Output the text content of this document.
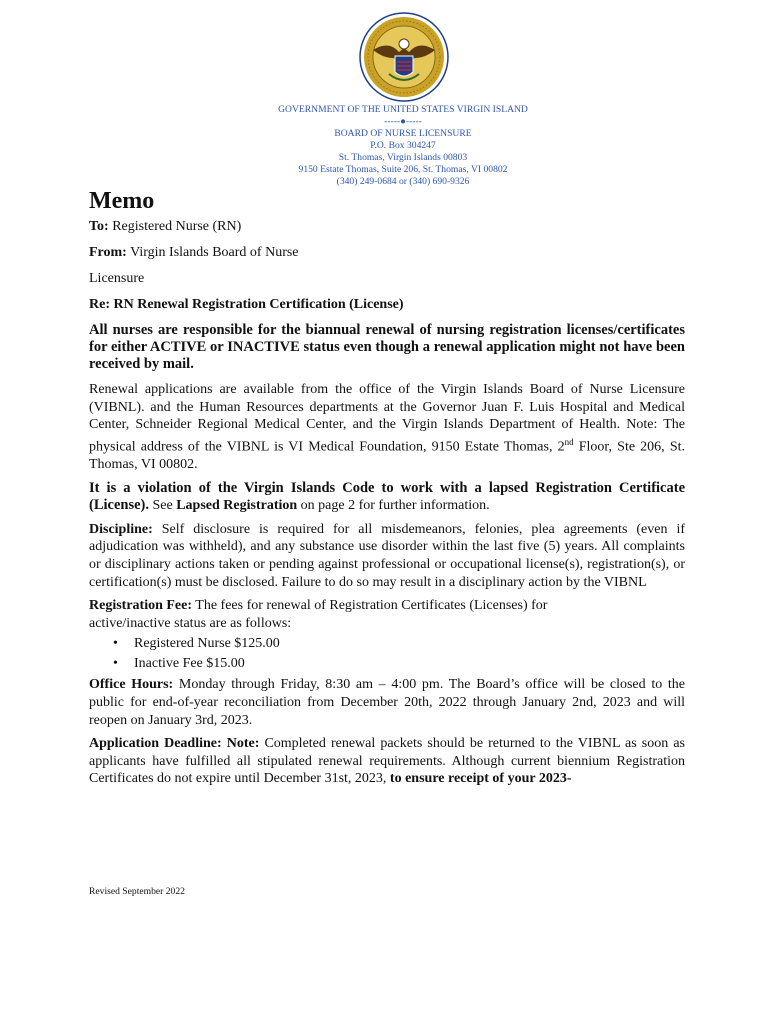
GOVERNMENT OF THE UNITED STATES VIRGIN ISLAND
-----●-----
BOARD OF NURSE LICENSURE
P.O. Box 304247
St. Thomas, Virgin Islands 00803
9150 Estate Thomas, Suite 206, St. Thomas, VI 00802
(340) 249-0684 or (340) 690-9326
Memo

To: Registered Nurse (RN)

From: Virgin Islands Board of Nurse

Licensure

Re: RN Renewal Registration Certification (License)

All nurses are responsible for the biannual renewal of nursing registration licenses/certificates for either ACTIVE or INACTIVE status even though a renewal application might not have been received by mail.

Renewal applications are available from the office of the Virgin Islands Board of Nurse Licensure (VIBNL). and the Human Resources departments at the Governor Juan F. Luis Hospital and Medical Center, Schneider Regional Medical Center, and the Virgin Islands Department of Health. Note: The physical address of the VIBNL is VI Medical Foundation, 9150 Estate Thomas, 2nd Floor, Ste 206, St. Thomas, VI 00802.

It is a violation of the Virgin Islands Code to work with a lapsed Registration Certificate (License). See Lapsed Registration on page 2 for further information.

Discipline: Self disclosure is required for all misdemeanors, felonies, plea agreements (even if adjudication was withheld), and any substance use disorder within the last five (5) years. All complaints or disciplinary actions taken or pending against professional or occupational license(s), registration(s), or certification(s) must be disclosed. Failure to do so may result in a disciplinary action by the VIBNL

Registration Fee: The fees for renewal of Registration Certificates (Licenses) for
active/inactive status are as follows:

• Registered Nurse $125.00
• Inactive Fee $15.00

Office Hours: Monday through Friday, 8:30 am – 4:00 pm. The Board’s office will be closed to the public for end-of-year reconciliation from December 20th, 2022 through January 2nd, 2023 and will reopen on January 3rd, 2023.

Application Deadline: Note: Completed renewal packets should be returned to the VIBNL as soon as applicants have fulfilled all stipulated renewal requirements. Although current biennium Registration Certificates do not expire until December 31st, 2023, to ensure receipt of your 2023-

Revised September 2022
